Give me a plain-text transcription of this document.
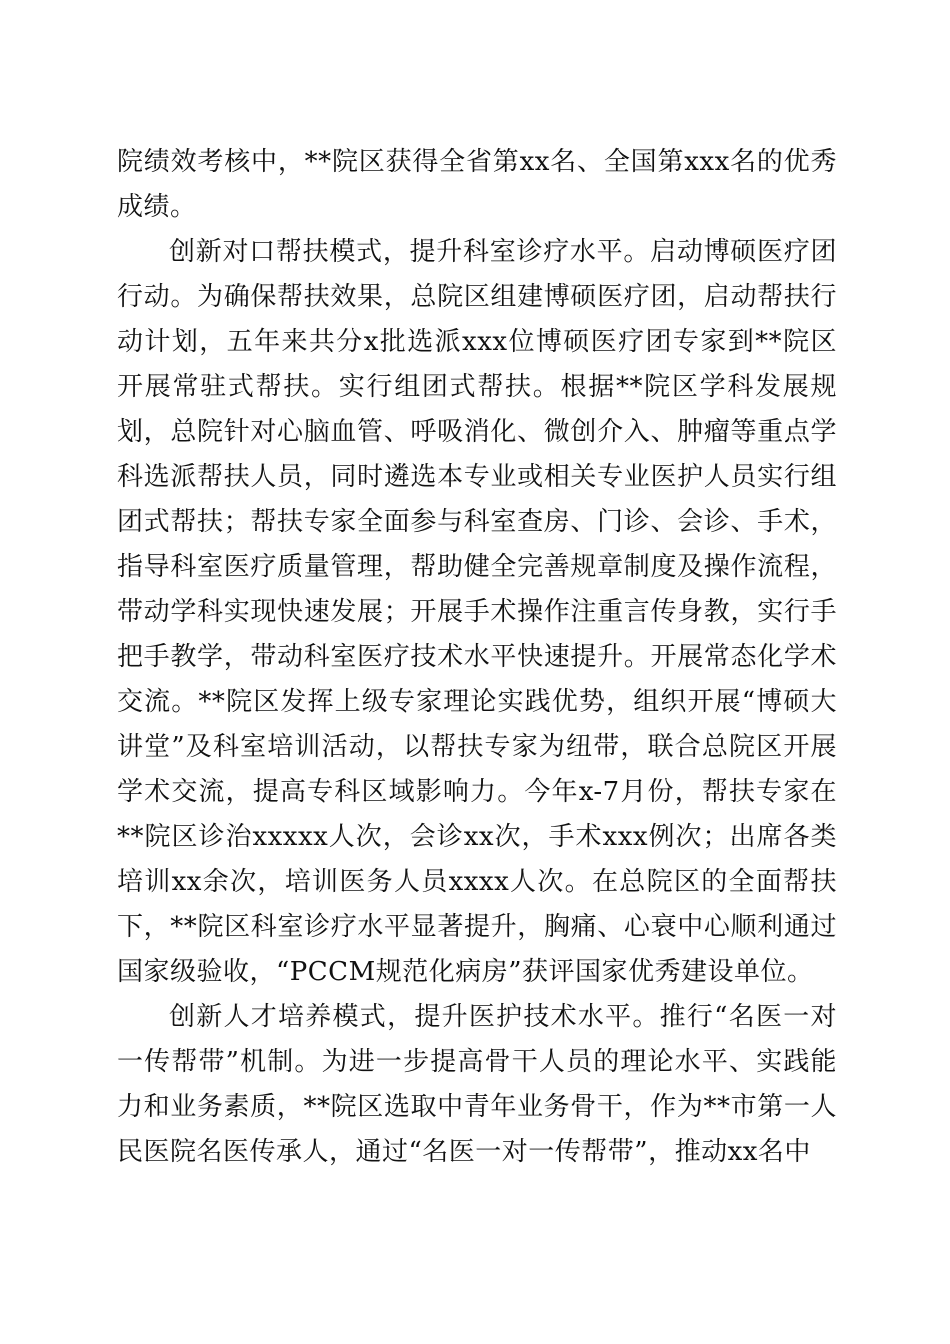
院绩效考核中，**院区获得全省第xx名、全国第xxx名的优秀成绩。

创新对口帮扶模式，提升科室诊疗水平。启动博硕医疗团行动。为确保帮扶效果，总院区组建博硕医疗团，启动帮扶行动计划，五年来共分x批选派xxx位博硕医疗团专家到**院区开展常驻式帮扶。实行组团式帮扶。根据**院区学科发展规划，总院针对心脑血管、呼吸消化、微创介入、肿瘤等重点学科选派帮扶人员，同时遴选本专业或相关专业医护人员实行组团式帮扶；帮扶专家全面参与科室查房、门诊、会诊、手术，指导科室医疗质量管理，帮助健全完善规章制度及操作流程，带动学科实现快速发展；开展手术操作注重言传身教，实行手把手教学，带动科室医疗技术水平快速提升。开展常态化学术交流。**院区发挥上级专家理论实践优势，组织开展“博硕大讲堂”及科室培训活动，以帮扶专家为纽带，联合总院区开展学术交流，提高专科区域影响力。今年x-7月份，帮扶专家在**院区诊治xxxxx人次，会诊xx次，手术xxx例次；出席各类培训xx余次，培训医务人员xxxx人次。在总院区的全面帮扶下，**院区科室诊疗水平显著提升，胸痛、心衰中心顺利通过国家级验收，“PCCM规范化病房”获评国家优秀建设单位。

创新人才培养模式，提升医护技术水平。推行“名医一对一传帮带”机制。为进一步提高骨干人员的理论水平、实践能力和业务素质，**院区选取中青年业务骨干，作为**市第一人民医院名医传承人，通过“名医一对一传帮带”，推动xx名中
